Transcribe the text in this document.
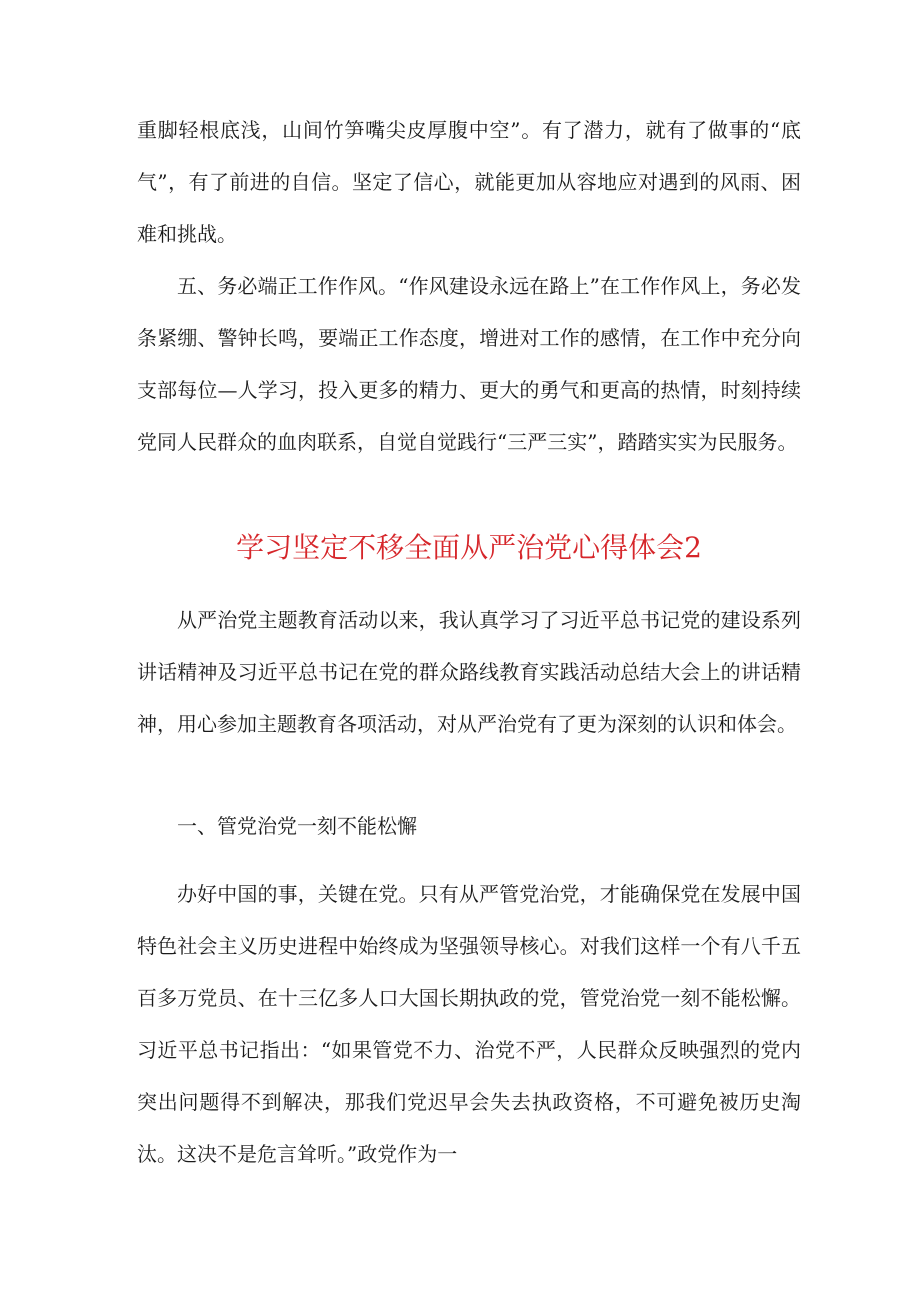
重脚轻根底浅，山间竹笋嘴尖皮厚腹中空”。有了潜力，就有了做事的“底气”，有了前进的自信。坚定了信心，就能更加从容地应对遇到的风雨、困难和挑战。
五、务必端正工作作风。“作风建设永远在路上”在工作作风上，务必发条紧绷、警钟长鸣，要端正工作态度，增进对工作的感情，在工作中充分向支部每位—人学习，投入更多的精力、更大的勇气和更高的热情，时刻持续党同人民群众的血肉联系，自觉自觉践行“三严三实”，踏踏实实为民服务。
学习坚定不移全面从严治党心得体会2
从严治党主题教育活动以来，我认真学习了习近平总书记党的建设系列讲话精神及习近平总书记在党的群众路线教育实践活动总结大会上的讲话精神，用心参加主题教育各项活动，对从严治党有了更为深刻的认识和体会。
一、管党治党一刻不能松懈
办好中国的事，关键在党。只有从严管党治党，才能确保党在发展中国特色社会主义历史进程中始终成为坚强领导核心。对我们这样一个有八千五百多万党员、在十三亿多人口大国长期执政的党，管党治党一刻不能松懈。习近平总书记指出：“如果管党不力、治党不严，人民群众反映强烈的党内突出问题得不到解决，那我们党迟早会失去执政资格，不可避免被历史淘汰。这决不是危言耸听。”政党作为一
